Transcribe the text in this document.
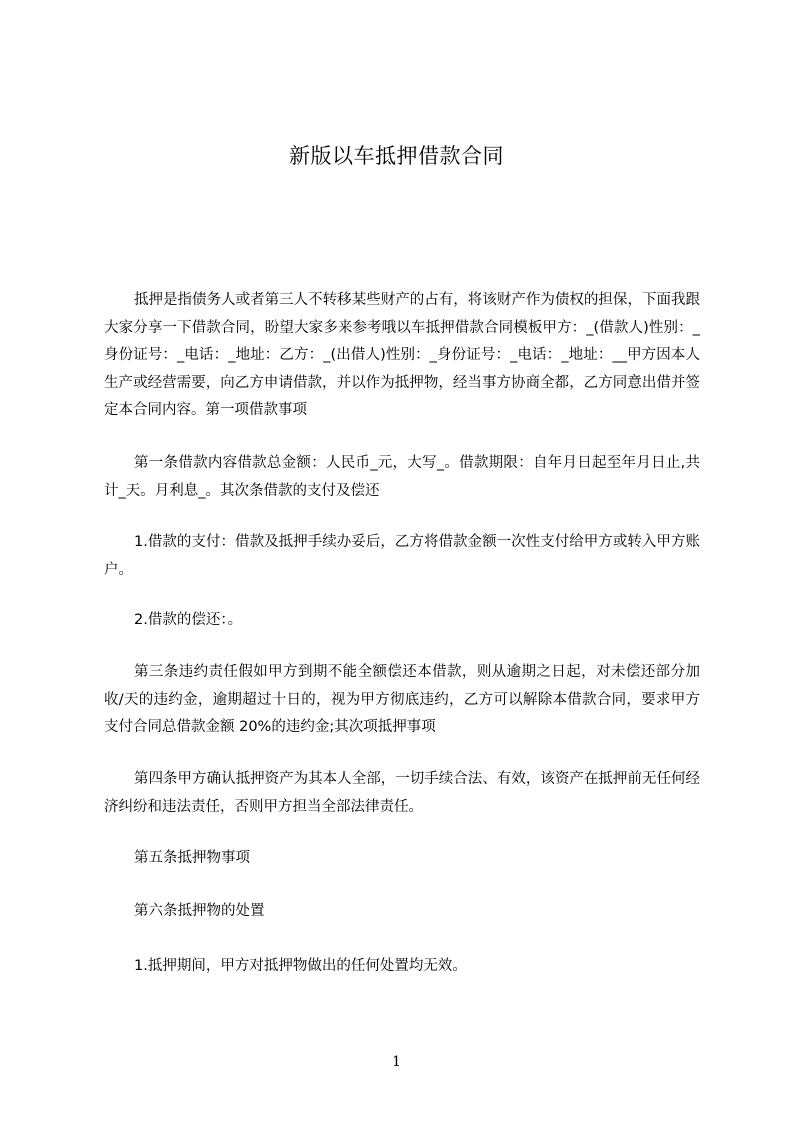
新版以车抵押借款合同

抵押是指债务人或者第三人不转移某些财产的占有，将该财产作为债权的担保，下面我跟大家分享一下借款合同，盼望大家多来参考哦以车抵押借款合同模板甲方：_(借款人)性别：_身份证号：_电话：_地址：乙方：_(出借人)性别：_身份证号：_电话：_地址：__甲方因本人生产或经营需要，向乙方申请借款，并以作为抵押物，经当事方协商全都，乙方同意出借并签定本合同内容。第一项借款事项

第一条借款内容借款总金额：人民币_元，大写_。借款期限：自年月日起至年月日止,共计_天。月利息_。其次条借款的支付及偿还

1.借款的支付：借款及抵押手续办妥后，乙方将借款金额一次性支付给甲方或转入甲方账户。

2.借款的偿还：。

第三条违约责任假如甲方到期不能全额偿还本借款，则从逾期之日起，对未偿还部分加收/天的违约金，逾期超过十日的，视为甲方彻底违约，乙方可以解除本借款合同，要求甲方支付合同总借款金额 20%的违约金;其次项抵押事项

第四条甲方确认抵押资产为其本人全部，一切手续合法、有效，该资产在抵押前无任何经济纠纷和违法责任，否则甲方担当全部法律责任。

第五条抵押物事项

第六条抵押物的处置

1.抵押期间，甲方对抵押物做出的任何处置均无效。

1
